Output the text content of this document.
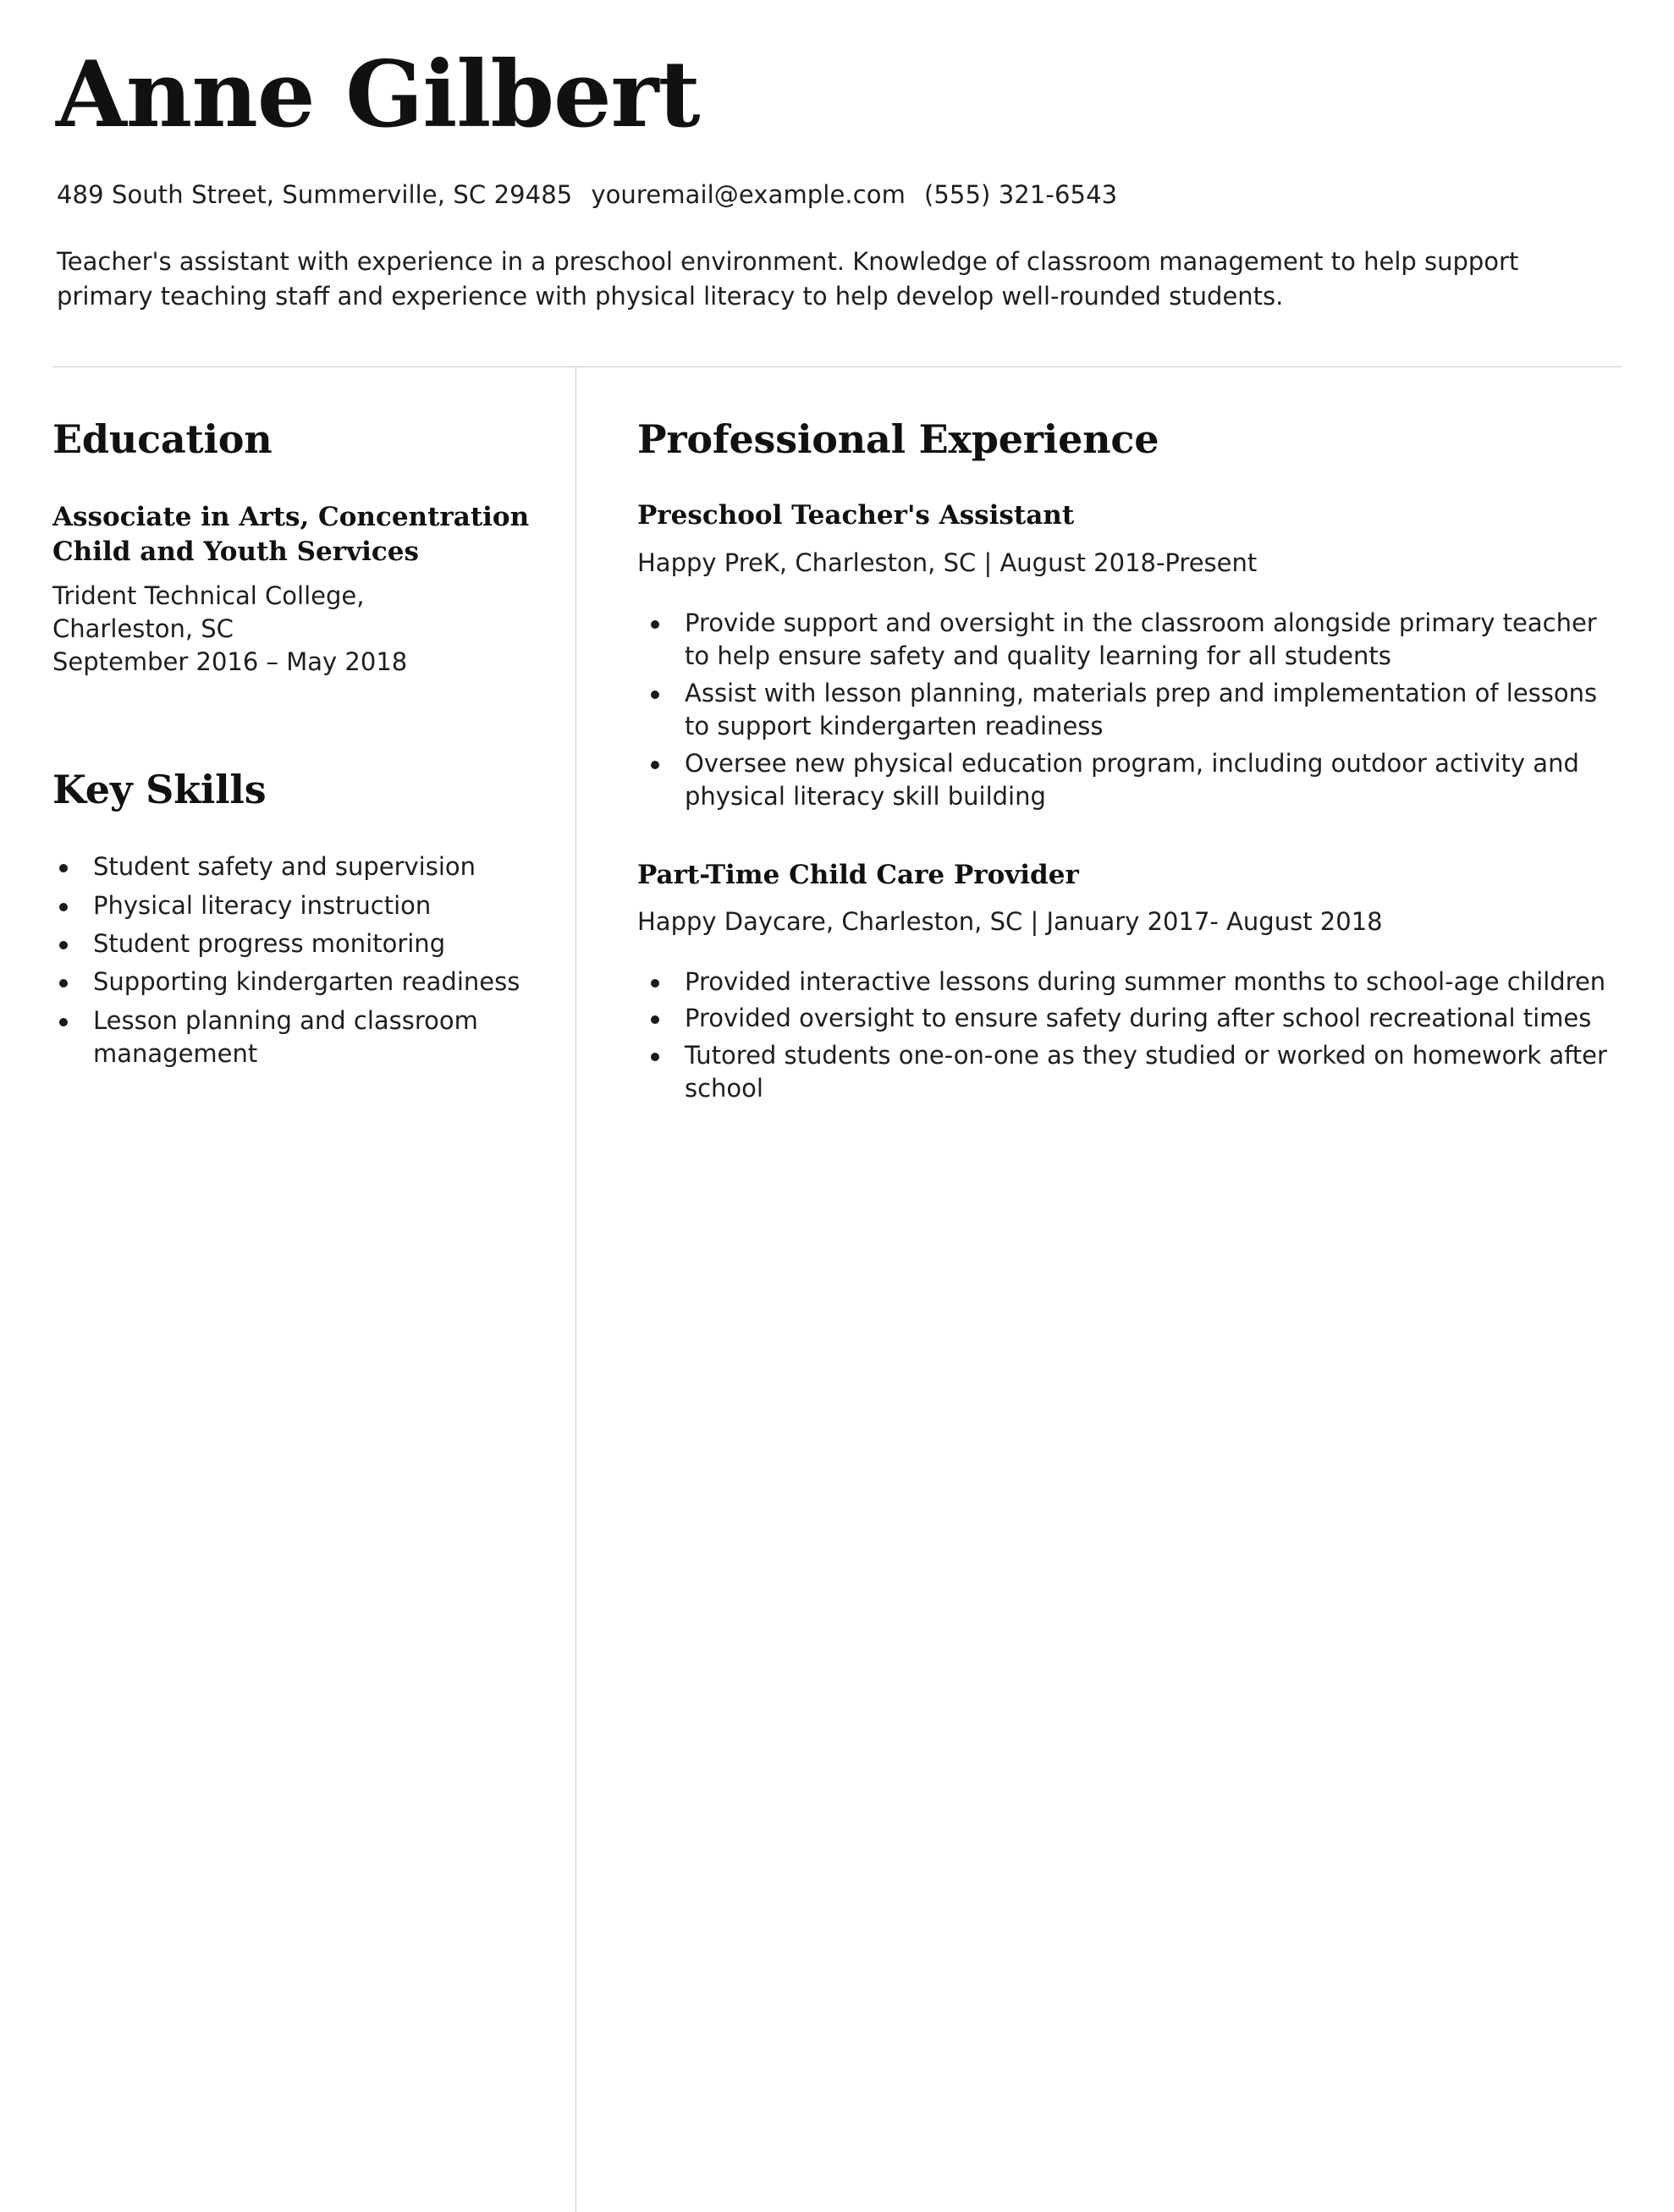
Anne Gilbert
489 South Street, Summerville, SC 29485 youremail@example.com (555) 321-6543
Teacher's assistant with experience in a preschool environment. Knowledge of classroom management to help support primary teaching staff and experience with physical literacy to help develop well-rounded students.
Education
Associate in Arts, Concentration Child and Youth Services
Trident Technical College,
Charleston, SC
September 2016 – May 2018
Key Skills
Student safety and supervision
Physical literacy instruction
Student progress monitoring
Supporting kindergarten readiness
Lesson planning and classroom management
Professional Experience
Preschool Teacher's Assistant
Happy PreK, Charleston, SC | August 2018-Present
Provide support and oversight in the classroom alongside primary teacher to help ensure safety and quality learning for all students
Assist with lesson planning, materials prep and implementation of lessons to support kindergarten readiness
Oversee new physical education program, including outdoor activity and physical literacy skill building
Part-Time Child Care Provider
Happy Daycare, Charleston, SC | January 2017- August 2018
Provided interactive lessons during summer months to school-age children
Provided oversight to ensure safety during after school recreational times
Tutored students one-on-one as they studied or worked on homework after school
